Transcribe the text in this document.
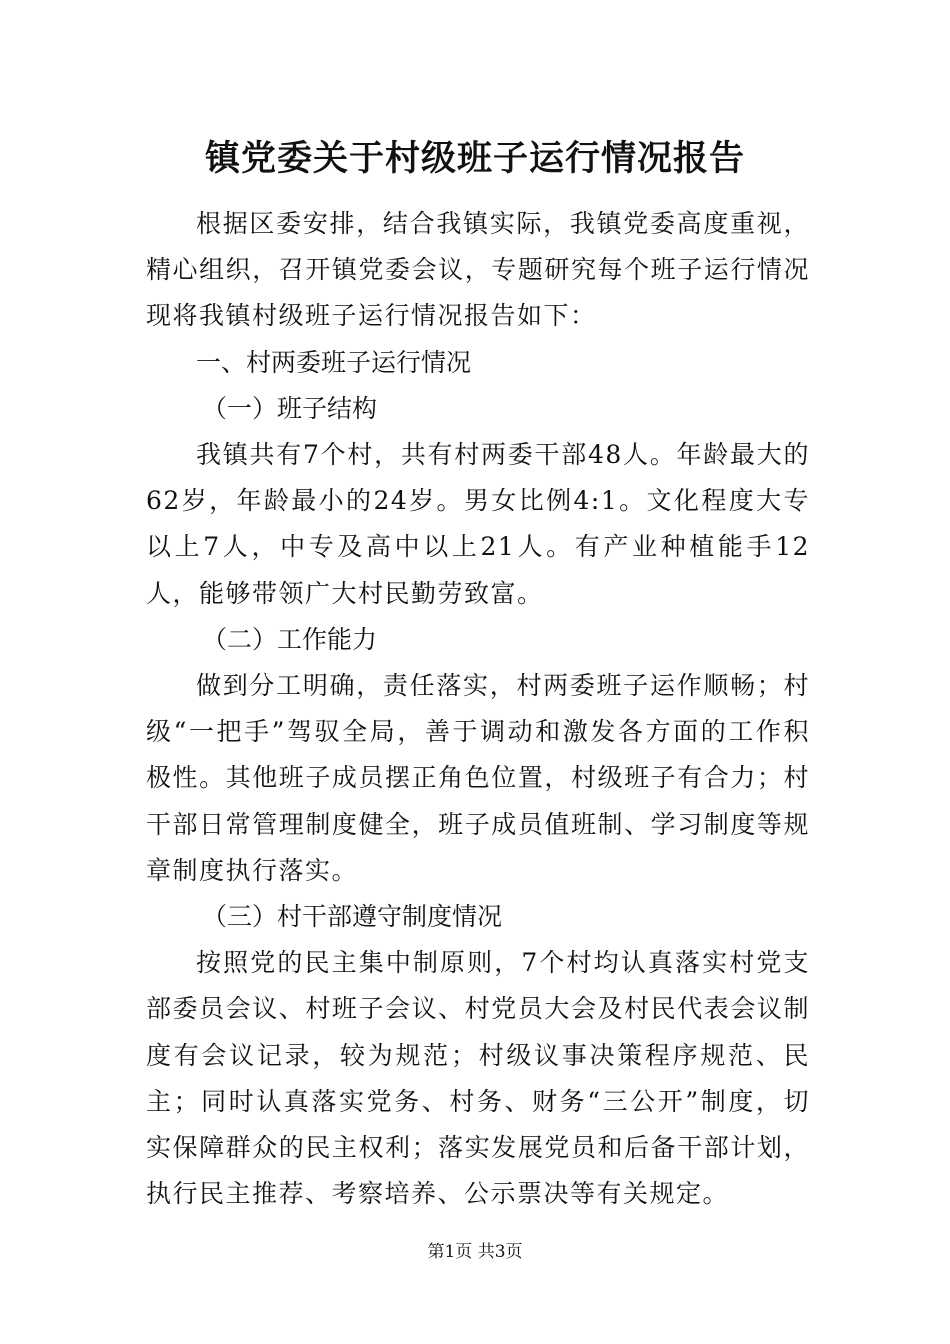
镇党委关于村级班子运行情况报告

根据区委安排，结合我镇实际，我镇党委高度重视，精心组织，召开镇党委会议，专题研究每个班子运行情况现将我镇村级班子运行情况报告如下：

一、村两委班子运行情况

（一）班子结构

我镇共有7个村，共有村两委干部48人。年龄最大的62岁，年龄最小的24岁。男女比例4:1。文化程度大专以上7人，中专及高中以上21人。有产业种植能手12人，能够带领广大村民勤劳致富。

（二）工作能力

做到分工明确，责任落实，村两委班子运作顺畅；村级“一把手”驾驭全局，善于调动和激发各方面的工作积极性。其他班子成员摆正角色位置，村级班子有合力；村干部日常管理制度健全，班子成员值班制、学习制度等规章制度执行落实。

（三）村干部遵守制度情况

按照党的民主集中制原则，7个村均认真落实村党支部委员会议、村班子会议、村党员大会及村民代表会议制度有会议记录，较为规范；村级议事决策程序规范、民主；同时认真落实党务、村务、财务“三公开”制度，切实保障群众的民主权利；落实发展党员和后备干部计划，执行民主推荐、考察培养、公示票决等有关规定。

第1页 共3页
